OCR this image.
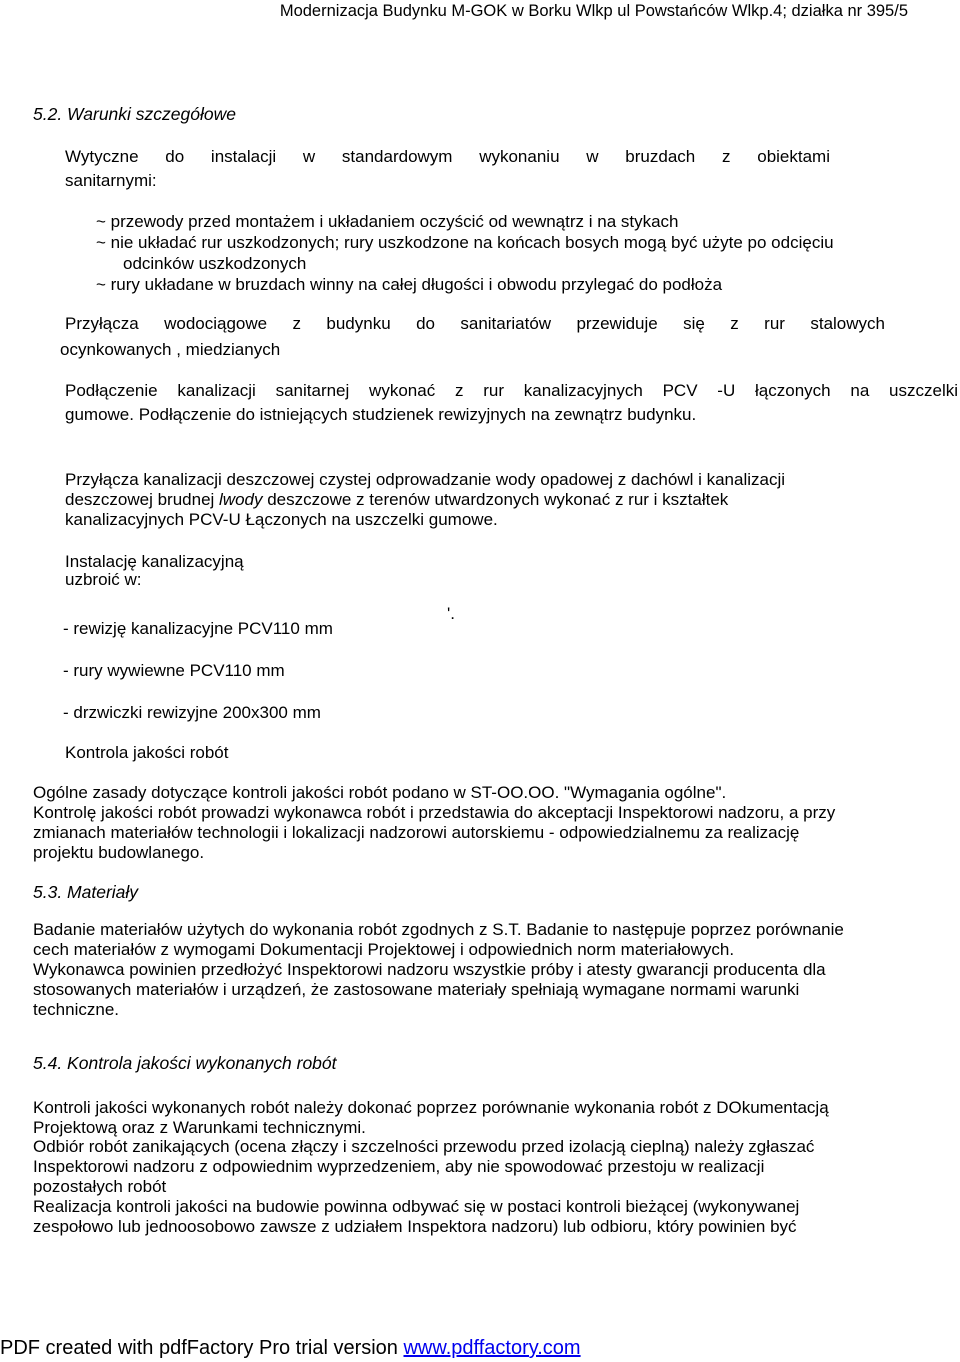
Modernizacja Budynku M-GOK w Borku Wlkp ul Powstańców Wlkp.4; działka nr 395/5
5.2. Warunki szczegółowe
Wytyczne do instalacji w standardowym wykonaniu w bruzdach z obiektami
sanitarnymi:
~ przewody przed montażem i układaniem oczyścić od wewnątrz i na stykach
~ nie układać rur uszkodzonych; rury uszkodzone na końcach bosych mogą być użyte po odcięciu
odcinków uszkodzonych
~ rury układane w bruzdach winny na całej długości i obwodu przylegać do podłoża
Przyłącza wodociągowe z budynku do sanitariatów przewiduje się z rur stalowych
ocynkowanych , miedzianych
Podłączenie kanalizacji sanitarnej wykonać z rur kanalizacyjnych PCV -U łączonych na uszczelki
gumowe. Podłączenie do istniejących studzienek rewizyjnych na zewnątrz budynku.
Przyłącza kanalizacji deszczowej czystej odprowadzanie wody opadowej z dachówl i kanalizacji
deszczowej brudnej lwody deszczowe z terenów utwardzonych wykonać z rur i kształtek
kanalizacyjnych PCV-U Łączonych na uszczelki gumowe.
Instalację kanalizacyjną
uzbroić w:
'.
- rewizję kanalizacyjne PCV110 mm
- rury wywiewne PCV110 mm
- drzwiczki rewizyjne 200x300 mm
Kontrola jakości robót
Ogólne zasady dotyczące kontroli jakości robót podano w ST-OO.OO. "Wymagania ogólne".
Kontrolę jakości robót prowadzi wykonawca robót i przedstawia do akceptacji Inspektorowi nadzoru, a przy
zmianach materiałów technologii i lokalizacji nadzorowi autorskiemu - odpowiedzialnemu za realizację
projektu budowlanego.
5.3. Materiały
Badanie materiałów użytych do wykonania robót zgodnych z S.T. Badanie to następuje poprzez porównanie
cech materiałów z wymogami Dokumentacji Projektowej i odpowiednich norm materiałowych.
Wykonawca powinien przedłożyć Inspektorowi nadzoru wszystkie próby i atesty gwarancji producenta dla
stosowanych materiałów i urządzeń, że zastosowane materiały spełniają wymagane normami warunki
techniczne.
5.4. Kontrola jakości wykonanych robót
Kontroli jakości wykonanych robót należy dokonać poprzez porównanie wykonania robót z DOkumentacją
Projektową oraz z Warunkami technicznymi.
Odbiór robót zanikających (ocena złączy i szczelności przewodu przed izolacją cieplną) należy zgłaszać
Inspektorowi nadzoru z odpowiednim wyprzedzeniem, aby nie spowodować przestoju w realizacji
pozostałych robót
Realizacja kontroli jakości na budowie powinna odbywać się w postaci kontroli bieżącej (wykonywanej
zespołowo lub jednoosobowo zawsze z udziałem Inspektora nadzoru) lub odbioru, który powinien być
PDF created with pdfFactory Pro trial version www.pdffactory.com
